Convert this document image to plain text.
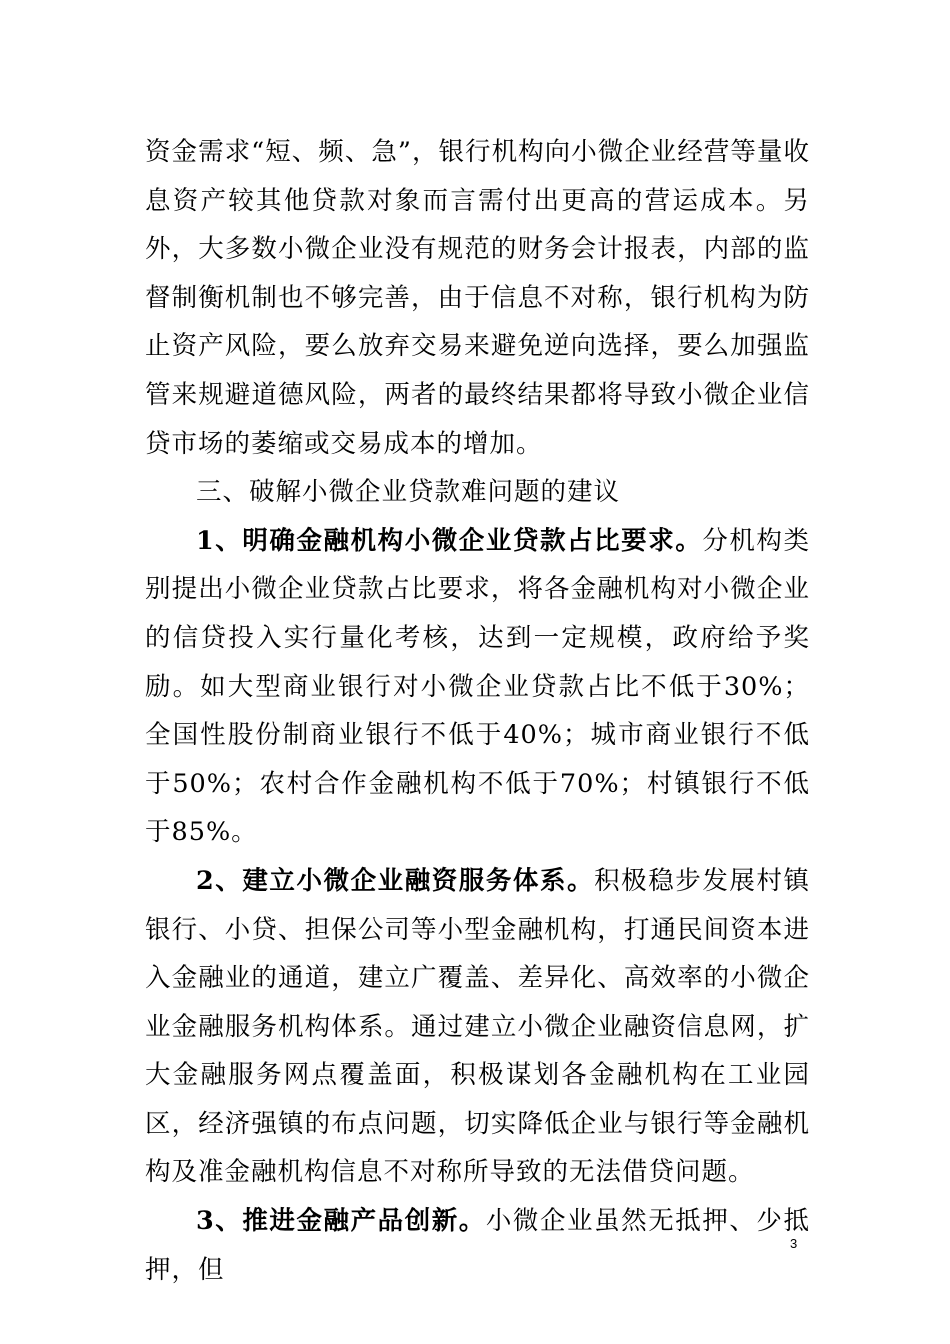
资金需求“短、频、急”，银行机构向小微企业经营等量收息资产较其他贷款对象而言需付出更高的营运成本。另外，大多数小微企业没有规范的财务会计报表，内部的监督制衡机制也不够完善，由于信息不对称，银行机构为防止资产风险，要么放弃交易来避免逆向选择，要么加强监管来规避道德风险，两者的最终结果都将导致小微企业信贷市场的萎缩或交易成本的增加。

三、破解小微企业贷款难问题的建议

1、明确金融机构小微企业贷款占比要求。分机构类别提出小微企业贷款占比要求，将各金融机构对小微企业的信贷投入实行量化考核，达到一定规模，政府给予奖励。如大型商业银行对小微企业贷款占比不低于30%；全国性股份制商业银行不低于40%；城市商业银行不低于50%；农村合作金融机构不低于70%；村镇银行不低于85%。

2、建立小微企业融资服务体系。积极稳步发展村镇银行、小贷、担保公司等小型金融机构，打通民间资本进入金融业的通道，建立广覆盖、差异化、高效率的小微企业金融服务机构体系。通过建立小微企业融资信息网，扩大金融服务网点覆盖面，积极谋划各金融机构在工业园区，经济强镇的布点问题，切实降低企业与银行等金融机构及准金融机构信息不对称所导致的无法借贷问题。

3、推进金融产品创新。小微企业虽然无抵押、少抵押，但

3
